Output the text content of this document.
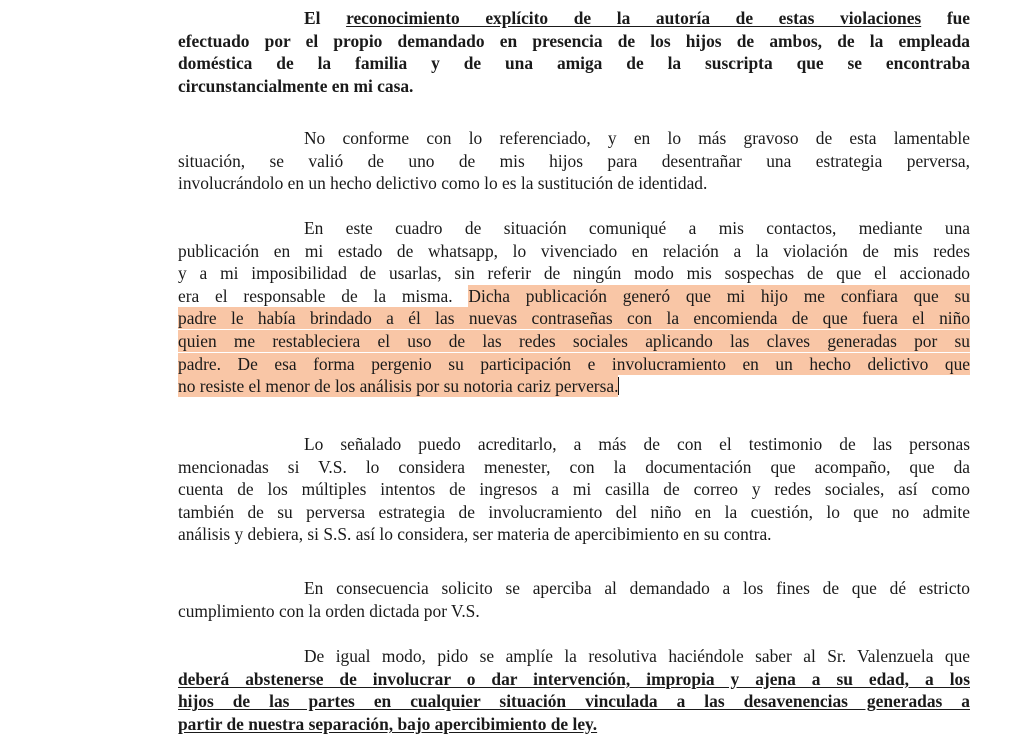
El reconocimiento explícito de la autoría de estas violaciones fue
efectuado por el propio demandado en presencia de los hijos de ambos, de la empleada
doméstica de la familia y de una amiga de la suscripta que se encontraba
circunstancialmente en mi casa.

No conforme con lo referenciado, y en lo más gravoso de esta lamentable
situación, se valió de uno de mis hijos para desentrañar una estrategia perversa,
involucrándolo en un hecho delictivo como lo es la sustitución de identidad.

En este cuadro de situación comuniqué a mis contactos, mediante una
publicación en mi estado de whatsapp, lo vivenciado en relación a la violación de mis redes
y a mi imposibilidad de usarlas, sin referir de ningún modo mis sospechas de que el accionado
era el responsable de la misma. Dicha publicación generó que mi hijo me confiara que su
padre le había brindado a él las nuevas contraseñas con la encomienda de que fuera el niño
quien me restableciera el uso de las redes sociales aplicando las claves generadas por su
padre. De esa forma pergenio su participación e involucramiento en un hecho delictivo que
no resiste el menor de los análisis por su notoria cariz perversa.

Lo señalado puedo acreditarlo, a más de con el testimonio de las personas
mencionadas si V.S. lo considera menester, con la documentación que acompaño, que da
cuenta de los múltiples intentos de ingresos a mi casilla de correo y redes sociales, así como
también de su perversa estrategia de involucramiento del niño en la cuestión, lo que no admite
análisis y debiera, si S.S. así lo considera, ser materia de apercibimiento en su contra.

En consecuencia solicito se aperciba al demandado a los fines de que dé estricto
cumplimiento con la orden dictada por V.S.

De igual modo, pido se amplíe la resolutiva haciéndole saber al Sr. Valenzuela que
deberá abstenerse de involucrar o dar intervención, impropia y ajena a su edad, a los
hijos de las partes en cualquier situación vinculada a las desavenencias generadas a
partir de nuestra separación, bajo apercibimiento de ley.
